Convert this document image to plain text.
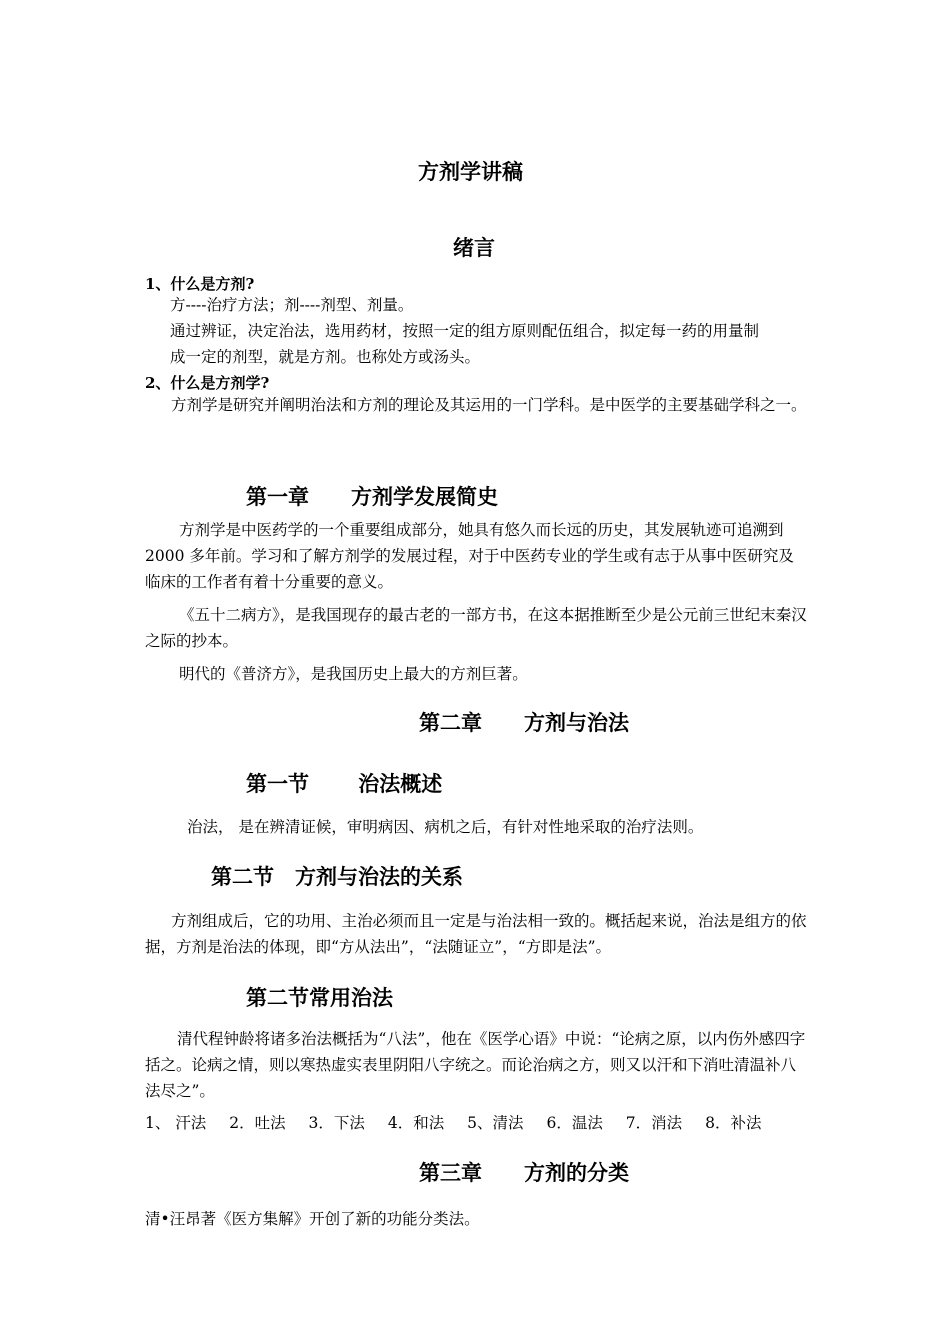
方剂学讲稿
绪言
1、什么是方剂?
方----治疗方法；剂----剂型、剂量。
通过辨证，决定治法，选用药材，按照一定的组方原则配伍组合，拟定每一药的用量制
成一定的剂型，就是方剂。也称处方或汤头。
2、什么是方剂学?
方剂学是研究并阐明治法和方剂的理论及其运用的一门学科。是中医学的主要基础学科之一。
第一章　　方剂学发展简史
方剂学是中医药学的一个重要组成部分，她具有悠久而长远的历史，其发展轨迹可追溯到 2000 多年前。学习和了解方剂学的发展过程，对于中医药专业的学生或有志于从事中医研究及临床的工作者有着十分重要的意义。
《五十二病方》，是我国现存的最古老的一部方书，在这本据推断至少是公元前三世纪末秦汉之际的抄本。
明代的《普济方》，是我国历史上最大的方剂巨著。
第二章　　方剂与治法
第一节　　 治法概述
治法， 是在辨清证候，审明病因、病机之后，有针对性地采取的治疗法则。
第二节　方剂与治法的关系
方剂组成后，它的功用、主治必须而且一定是与治法相一致的。概括起来说，治法是组方的依据，方剂是治法的体现，即“方从法出”，“法随证立”，“方即是法”。
第二节常用治法
清代程钟龄将诸多治法概括为“八法”，他在《医学心语》中说：“论病之原，以内伤外感四字括之。论病之情，则以寒热虚实表里阴阳八字统之。而论治病之方，则又以汗和下消吐清温补八法尽之”。
1、 汗法 2．吐法 3．下法 4．和法 5、清法 6．温法 7．消法 8．补法
第三章　　方剂的分类
清•汪昂著《医方集解》开创了新的功能分类法。
